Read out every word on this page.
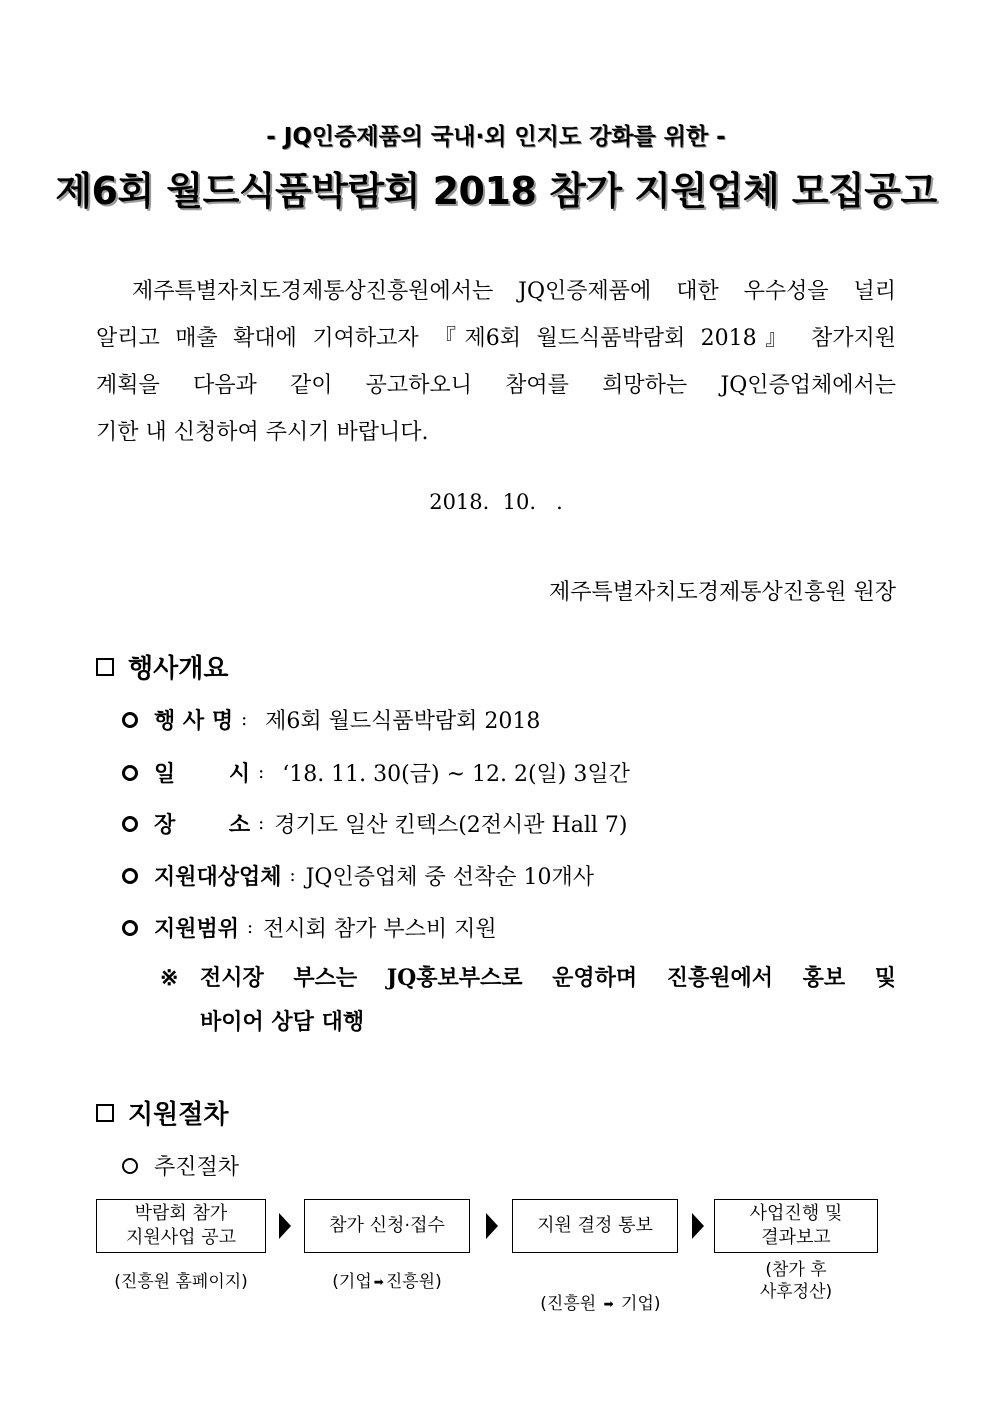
- JQ인증제품의 국내·외 인지도 강화를 위한 -
제6회 월드식품박람회 2018 참가 지원업체 모집공고
제주특별자치도경제통상진흥원에서는 JQ인증제품에 대한 우수성을 널리
알리고 매출 확대에 기여하고자 『제6회 월드식품박람회 2018』 참가지원
계획을 다음과 같이 공고하오니 참여를 희망하는 JQ인증업체에서는
기한 내 신청하여 주시기 바랍니다.
2018.  10.   .
제주특별자치도경제통상진흥원 원장
행사개요
행 사 명 : 제6회 월드식품박람회 2018
일       시 : ‘18. 11. 30(금) ~ 12. 2(일) 3일간
장       소 : 경기도 일산 킨텍스(2전시관 Hall 7)
지원대상업체 : JQ인증업체 중 선착순 10개사
지원범위 : 전시회 참가 부스비 지원
※ 전시장 부스는 JQ홍보부스로 운영하며 진흥원에서 홍보 및
바이어 상담 대행
지원절차
추진절차
박람회 참가
지원사업 공고
참가 신청·접수	지원 결정 통보
사업진행 및
결과보고
(진흥원 홈페이지)	(기업 ➡ 진흥원)

(진흥원 ➡ 기업)

(참가 후
사후정산)
